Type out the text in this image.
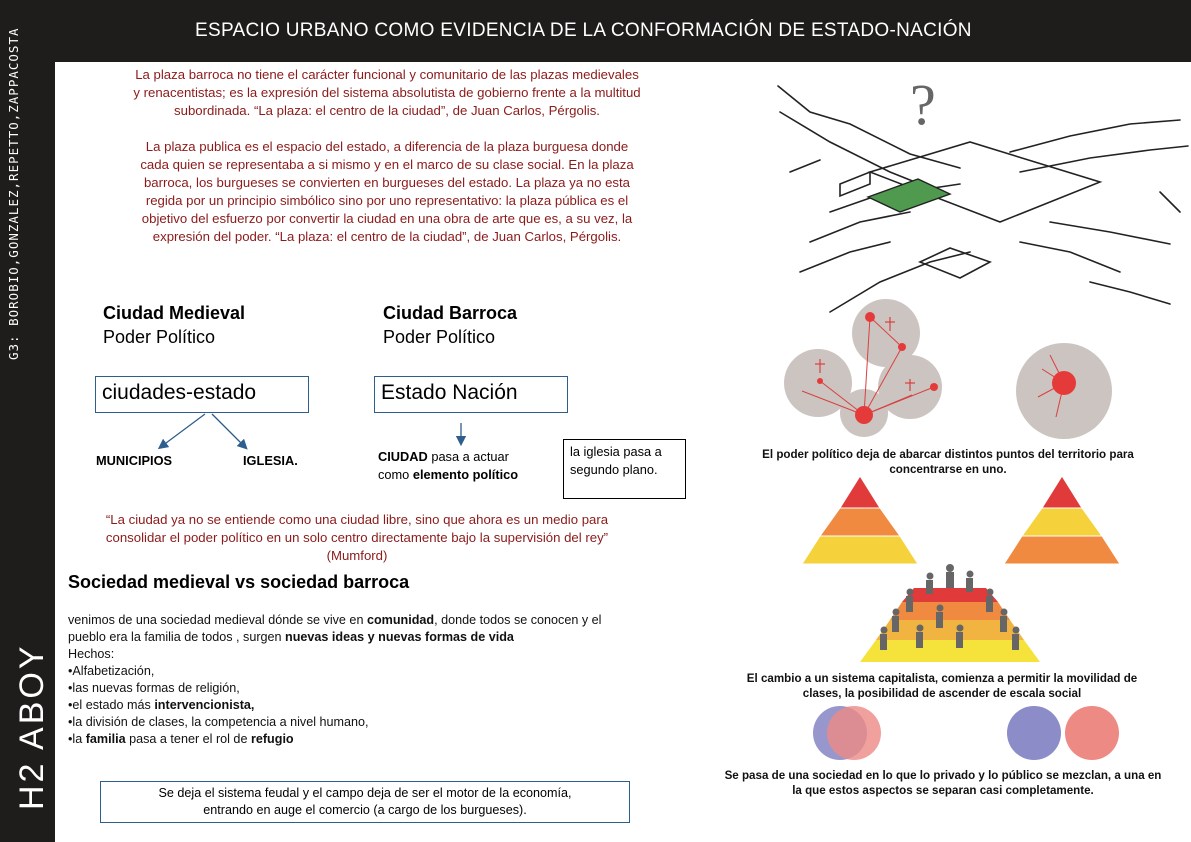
G3: BOROBIO,GONZALEZ,REPETTO,ZAPPACOSTA
H2 ABOY
ESPACIO URBANO COMO EVIDENCIA DE LA CONFORMACIÓN DE ESTADO-NACIÓN
La plaza barroca no tiene el carácter funcional y comunitario de las plazas medievales
y renacentistas; es la expresión del sistema absolutista de gobierno frente a la multitud
subordinada. “La plaza: el centro de la ciudad”, de Juan Carlos, Pérgolis.
La plaza publica es el espacio del estado, a diferencia de la plaza burguesa donde
cada quien se representaba a si mismo y en el marco de su clase social. En la plaza
barroca, los burgueses se convierten en burgueses del estado. La plaza ya no esta
regida por un principio simbólico sino por uno representativo: la plaza pública es el
objetivo del esfuerzo por convertir la ciudad en una obra de arte que es, a su vez, la
expresión del poder. “La plaza: el centro de la ciudad”, de Juan Carlos, Pérgolis.
Ciudad Medieval
Poder Político
ciudades-estado
MUNICIPIOS	IGLESIA.
Ciudad Barroca
Poder Político
Estado Nación
CIUDAD pasa a actuar
como elemento político
la iglesia pasa a segundo plano.
“La ciudad ya no se entiende como una ciudad libre, sino que ahora es un medio para
consolidar el poder político en un solo centro directamente bajo la supervisión del rey”
(Mumford)
Sociedad medieval vs sociedad barroca
venimos de una sociedad medieval dónde se vive en comunidad, donde todos se conocen y el
pueblo era la familia de todos , surgen nuevas ideas y nuevas formas de vida
Hechos:
•Alfabetización,
•las nuevas formas de religión,
•el estado más intervencionista,
•la división de clases, la competencia a nivel humano,
•la familia pasa a tener el rol de refugio
Se deja el sistema feudal y el campo deja de ser el motor de la economía,
entrando en auge el comercio (a cargo de los burgueses).
?
El poder político deja de abarcar distintos puntos del territorio para
concentrarse en uno.
El cambio a un sistema capitalista, comienza a permitir la movilidad de
clases, la posibilidad de ascender de escala social
Se pasa de una sociedad en lo que lo privado y lo público se mezclan, a una en
la que estos aspectos se separan casi completamente.
